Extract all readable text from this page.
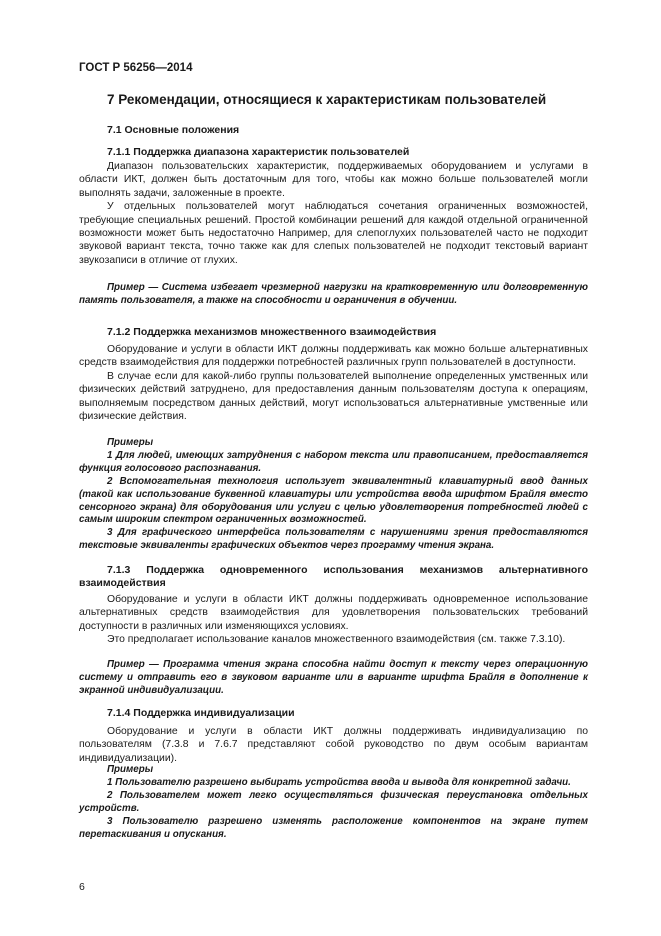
ГОСТ Р 56256—2014
7 Рекомендации, относящиеся к характеристикам пользователей
7.1 Основные положения
7.1.1 Поддержка диапазона характеристик пользователей

Диапазон пользовательских характеристик, поддерживаемых оборудованием и услугами в области ИКТ, должен быть достаточным для того, чтобы как можно больше пользователей могли выполнять задачи, заложенные в проекте.

У отдельных пользователей могут наблюдаться сочетания ограниченных возможностей, требующие специальных решений. Простой комбинации решений для каждой отдельной ограниченной возможности может быть недостаточно Например, для слепоглухих пользователей часто не подходит звуковой вариант текста, точно также как для слепых пользователей не подходит текстовый вариант звукозаписи в отличие от глухих.

Пример — Система избегает чрезмерной нагрузки на кратковременную или долговременную память пользователя, а также на способности и ограничения в обучении.

7.1.2 Поддержка механизмов множественного взаимодействия

Оборудование и услуги в области ИКТ должны поддерживать как можно больше альтернативных средств взаимодействия для поддержки потребностей различных групп пользователей в доступности.

В случае если для какой-либо группы пользователей выполнение определенных умственных или физических действий затруднено, для предоставления данным пользователям доступа к операциям, выполняемым посредством данных действий, могут использоваться альтернативные умственные или физические действия.

Примеры

1 Для людей, имеющих затруднения с набором текста или правописанием, предоставляется функция голосового распознавания.

2 Вспомогательная технология использует эквивалентный клавиатурный ввод данных (такой как использование буквенной клавиатуры или устройства ввода шрифтом Брайля вместо сенсорного экрана) для оборудования или услуги с целью удовлетворения потребностей людей с самым широким спектром ограниченных возможностей.

3 Для графического интерфейса пользователям с нарушениями зрения предоставляются текстовые эквиваленты графических объектов через программу чтения экрана.

7.1.3 Поддержка одновременного использования механизмов альтернативного взаимодействия

Оборудование и услуги в области ИКТ должны поддерживать одновременное использование альтернативных средств взаимодействия для удовлетворения пользовательских требований доступности в различных или изменяющихся условиях.

Это предполагает использование каналов множественного взаимодействия (см. также 7.3.10).

Пример — Программа чтения экрана способна найти доступ к тексту через операционную систему и отправить его в звуковом варианте или в варианте шрифта Брайля в дополнение к экранной индивидуализации.

7.1.4 Поддержка индивидуализации

Оборудование и услуги в области ИКТ должны поддерживать индивидуализацию по пользователям (7.3.8 и 7.6.7 представляют собой руководство по двум особым вариантам индивидуализации).

Примеры

1 Пользователю разрешено выбирать устройства ввода и вывода для конкретной задачи.

2 Пользователем может легко осуществляться физическая переустановка отдельных устройств.

3 Пользователю разрешено изменять расположение компонентов на экране путем перетаскивания и опускания.

6
